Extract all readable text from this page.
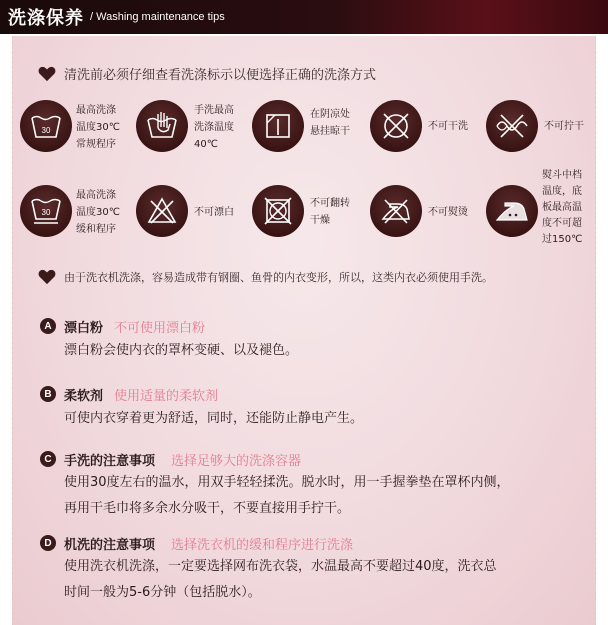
洗涤保养 / Washing maintenance tips
清洗前必须仔细查看洗涤标示以便选择正确的洗涤方式
30
最高洗涤
温度30℃
常规程序
手洗最高
洗涤温度
40℃
在阴凉处
悬挂晾干	不可干洗	不可拧干
30
最高洗涤
温度30℃
缓和程序
不可漂白
不可翻转
干燥
不可熨烫
熨斗中档
温度，底
板最高温
度不可超
过150℃
由于洗衣机洗涤，容易造成带有钢圈、鱼骨的内衣变形，所以，这类内衣必须使用手洗。
A 漂白粉 不可使用漂白粉
漂白粉会使内衣的罩杯变硬、以及褪色。
B 柔软剂 使用适量的柔软剂
可使内衣穿着更为舒适，同时，还能防止静电产生。
C 手洗的注意事项 选择足够大的洗涤容器
使用30度左右的温水，用双手轻轻揉洗。脱水时，用一手握拳垫在罩杯内侧，
再用干毛巾将多余水分吸干，不要直接用手拧干。
D 机洗的注意事项 选择洗衣机的缓和程序进行洗涤
使用洗衣机洗涤，一定要选择网布洗衣袋，水温最高不要超过40度，洗衣总
时间一般为5-6分钟（包括脱水）。
